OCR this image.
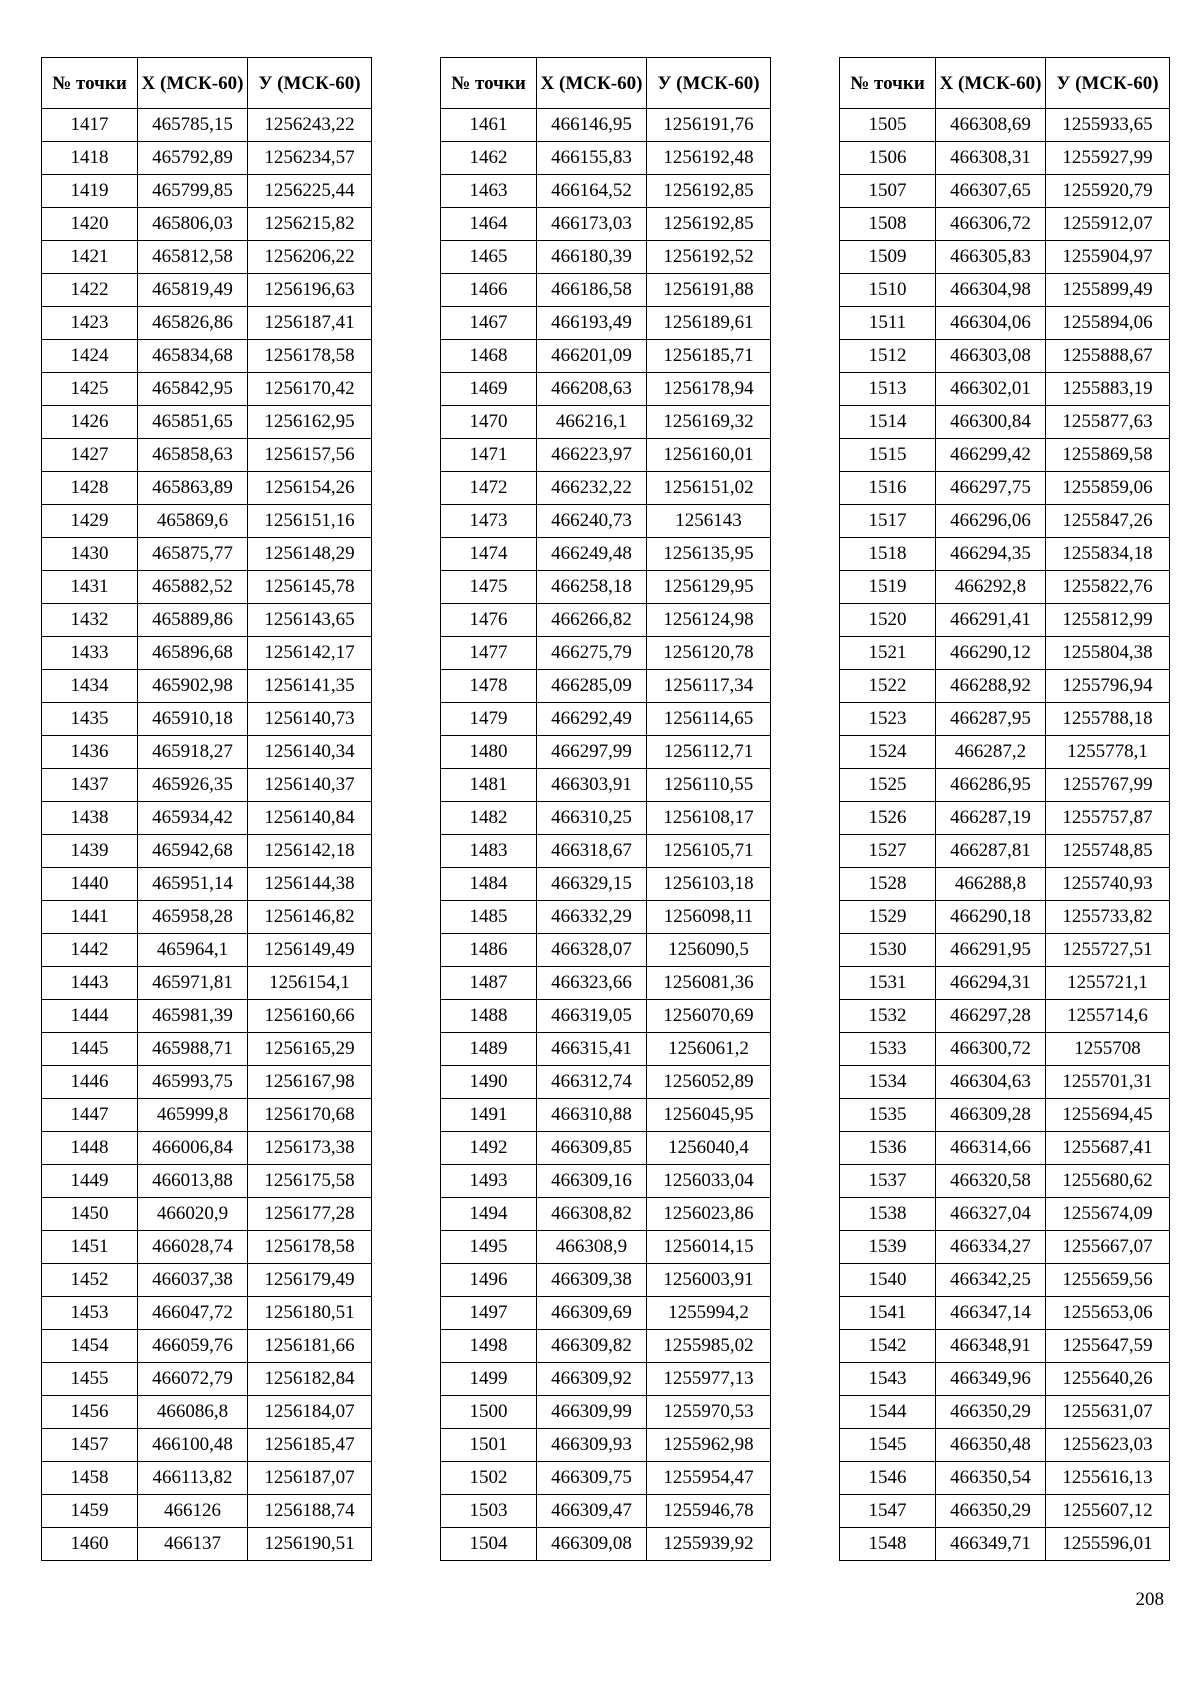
№ точки	X (МСК-60)	У (МСК-60)
1417	465785,15	1256243,22
1418	465792,89	1256234,57
1419	465799,85	1256225,44
1420	465806,03	1256215,82
1421	465812,58	1256206,22
1422	465819,49	1256196,63
1423	465826,86	1256187,41
1424	465834,68	1256178,58
1425	465842,95	1256170,42
1426	465851,65	1256162,95
1427	465858,63	1256157,56
1428	465863,89	1256154,26
1429	465869,6	1256151,16
1430	465875,77	1256148,29
1431	465882,52	1256145,78
1432	465889,86	1256143,65
1433	465896,68	1256142,17
1434	465902,98	1256141,35
1435	465910,18	1256140,73
1436	465918,27	1256140,34
1437	465926,35	1256140,37
1438	465934,42	1256140,84
1439	465942,68	1256142,18
1440	465951,14	1256144,38
1441	465958,28	1256146,82
1442	465964,1	1256149,49
1443	465971,81	1256154,1
1444	465981,39	1256160,66
1445	465988,71	1256165,29
1446	465993,75	1256167,98
1447	465999,8	1256170,68
1448	466006,84	1256173,38
1449	466013,88	1256175,58
1450	466020,9	1256177,28
1451	466028,74	1256178,58
1452	466037,38	1256179,49
1453	466047,72	1256180,51
1454	466059,76	1256181,66
1455	466072,79	1256182,84
1456	466086,8	1256184,07
1457	466100,48	1256185,47
1458	466113,82	1256187,07
1459	466126	1256188,74
1460	466137	1256190,51
№ точки	X (МСК-60)	У (МСК-60)
1461	466146,95	1256191,76
1462	466155,83	1256192,48
1463	466164,52	1256192,85
1464	466173,03	1256192,85
1465	466180,39	1256192,52
1466	466186,58	1256191,88
1467	466193,49	1256189,61
1468	466201,09	1256185,71
1469	466208,63	1256178,94
1470	466216,1	1256169,32
1471	466223,97	1256160,01
1472	466232,22	1256151,02
1473	466240,73	1256143
1474	466249,48	1256135,95
1475	466258,18	1256129,95
1476	466266,82	1256124,98
1477	466275,79	1256120,78
1478	466285,09	1256117,34
1479	466292,49	1256114,65
1480	466297,99	1256112,71
1481	466303,91	1256110,55
1482	466310,25	1256108,17
1483	466318,67	1256105,71
1484	466329,15	1256103,18
1485	466332,29	1256098,11
1486	466328,07	1256090,5
1487	466323,66	1256081,36
1488	466319,05	1256070,69
1489	466315,41	1256061,2
1490	466312,74	1256052,89
1491	466310,88	1256045,95
1492	466309,85	1256040,4
1493	466309,16	1256033,04
1494	466308,82	1256023,86
1495	466308,9	1256014,15
1496	466309,38	1256003,91
1497	466309,69	1255994,2
1498	466309,82	1255985,02
1499	466309,92	1255977,13
1500	466309,99	1255970,53
1501	466309,93	1255962,98
1502	466309,75	1255954,47
1503	466309,47	1255946,78
1504	466309,08	1255939,92
№ точки	X (МСК-60)	У (МСК-60)
1505	466308,69	1255933,65
1506	466308,31	1255927,99
1507	466307,65	1255920,79
1508	466306,72	1255912,07
1509	466305,83	1255904,97
1510	466304,98	1255899,49
1511	466304,06	1255894,06
1512	466303,08	1255888,67
1513	466302,01	1255883,19
1514	466300,84	1255877,63
1515	466299,42	1255869,58
1516	466297,75	1255859,06
1517	466296,06	1255847,26
1518	466294,35	1255834,18
1519	466292,8	1255822,76
1520	466291,41	1255812,99
1521	466290,12	1255804,38
1522	466288,92	1255796,94
1523	466287,95	1255788,18
1524	466287,2	1255778,1
1525	466286,95	1255767,99
1526	466287,19	1255757,87
1527	466287,81	1255748,85
1528	466288,8	1255740,93
1529	466290,18	1255733,82
1530	466291,95	1255727,51
1531	466294,31	1255721,1
1532	466297,28	1255714,6
1533	466300,72	1255708
1534	466304,63	1255701,31
1535	466309,28	1255694,45
1536	466314,66	1255687,41
1537	466320,58	1255680,62
1538	466327,04	1255674,09
1539	466334,27	1255667,07
1540	466342,25	1255659,56
1541	466347,14	1255653,06
1542	466348,91	1255647,59
1543	466349,96	1255640,26
1544	466350,29	1255631,07
1545	466350,48	1255623,03
1546	466350,54	1255616,13
1547	466350,29	1255607,12
1548	466349,71	1255596,01
208
